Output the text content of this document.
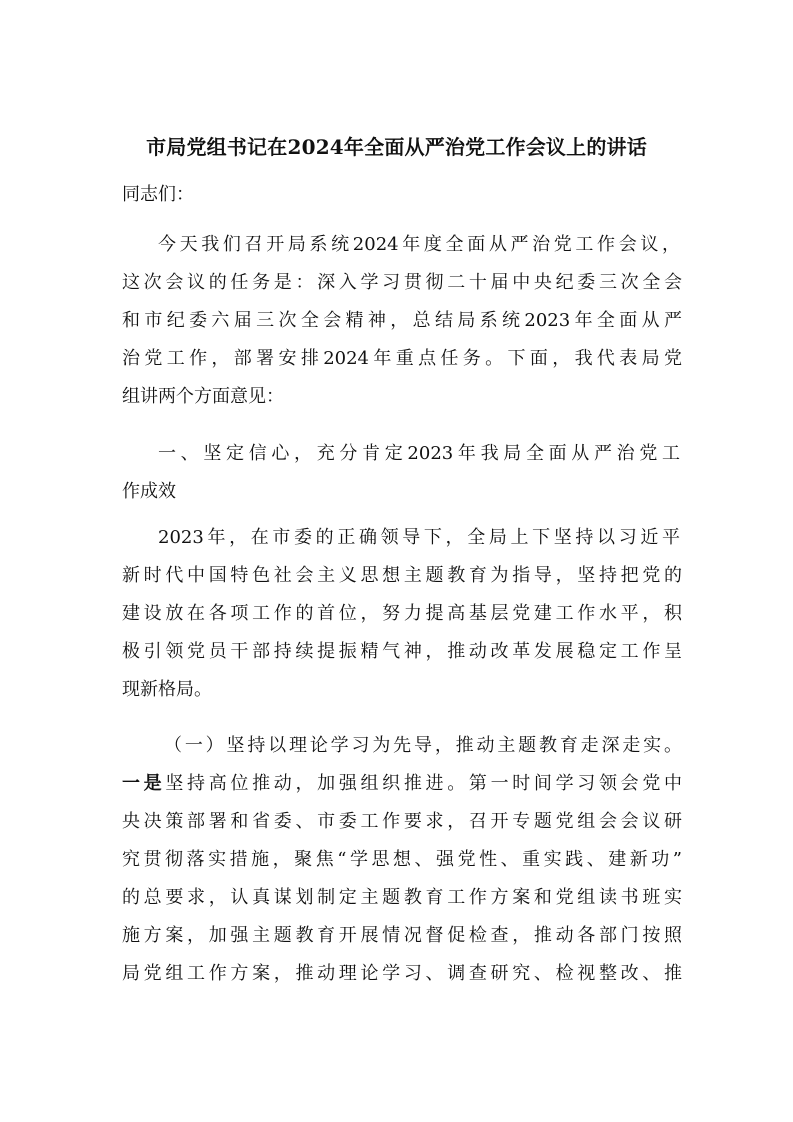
市局党组书记在2024年全面从严治党工作会议上的讲话
同志们：
今天我们召开局系统2024年度全面从严治党工作会议，
这次会议的任务是：深入学习贯彻二十届中央纪委三次全会
和市纪委六届三次全会精神，总结局系统2023年全面从严
治党工作，部署安排2024年重点任务。下面，我代表局党
组讲两个方面意见：
一、坚定信心，充分肯定2023年我局全面从严治党工
作成效
2023年，在市委的正确领导下，全局上下坚持以习近平
新时代中国特色社会主义思想主题教育为指导，坚持把党的
建设放在各项工作的首位，努力提高基层党建工作水平，积
极引领党员干部持续提振精气神，推动改革发展稳定工作呈
现新格局。
（一）坚持以理论学习为先导，推动主题教育走深走实。
一是坚持高位推动，加强组织推进。第一时间学习领会党中
央决策部署和省委、市委工作要求，召开专题党组会会议研
究贯彻落实措施，聚焦“学思想、强党性、重实践、建新功”
的总要求，认真谋划制定主题教育工作方案和党组读书班实
施方案，加强主题教育开展情况督促检查，推动各部门按照
局党组工作方案，推动理论学习、调查研究、检视整改、推
